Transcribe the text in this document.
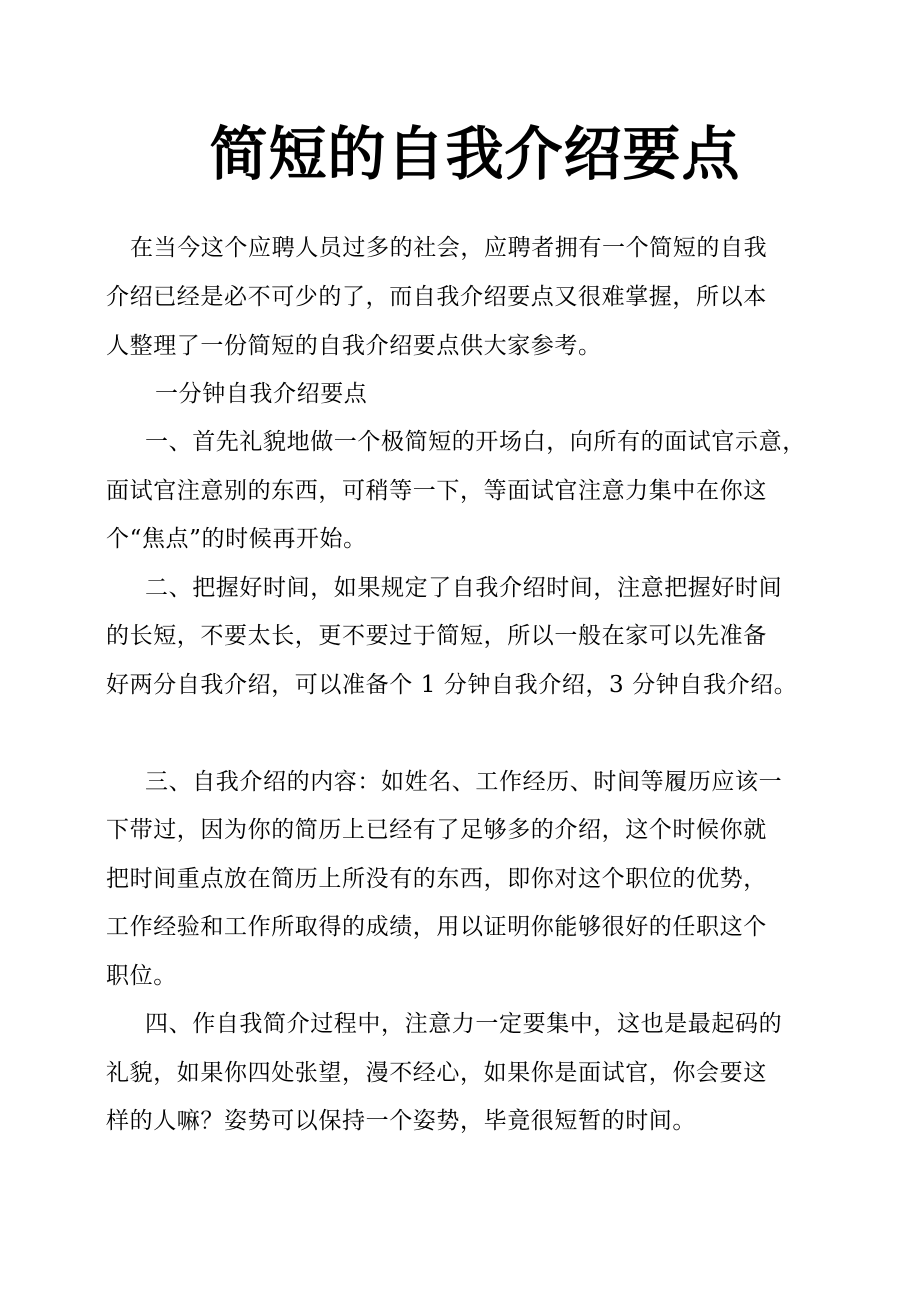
简短的自我介绍要点
在当今这个应聘人员过多的社会，应聘者拥有一个简短的自我
介绍已经是必不可少的了，而自我介绍要点又很难掌握，所以本
人整理了一份简短的自我介绍要点供大家参考。
一分钟自我介绍要点
一、首先礼貌地做一个极简短的开场白，向所有的面试官示意，
面试官注意别的东西，可稍等一下，等面试官注意力集中在你这
个“焦点”的时候再开始。
二、把握好时间，如果规定了自我介绍时间，注意把握好时间
的长短，不要太长，更不要过于简短，所以一般在家可以先准备
好两分自我介绍，可以准备个 1 分钟自我介绍，3 分钟自我介绍。
三、自我介绍的内容：如姓名、工作经历、时间等履历应该一
下带过，因为你的简历上已经有了足够多的介绍，这个时候你就
把时间重点放在简历上所没有的东西，即你对这个职位的优势，
工作经验和工作所取得的成绩，用以证明你能够很好的任职这个
职位。
四、作自我简介过程中，注意力一定要集中，这也是最起码的
礼貌，如果你四处张望，漫不经心，如果你是面试官，你会要这
样的人嘛？姿势可以保持一个姿势，毕竟很短暂的时间。
